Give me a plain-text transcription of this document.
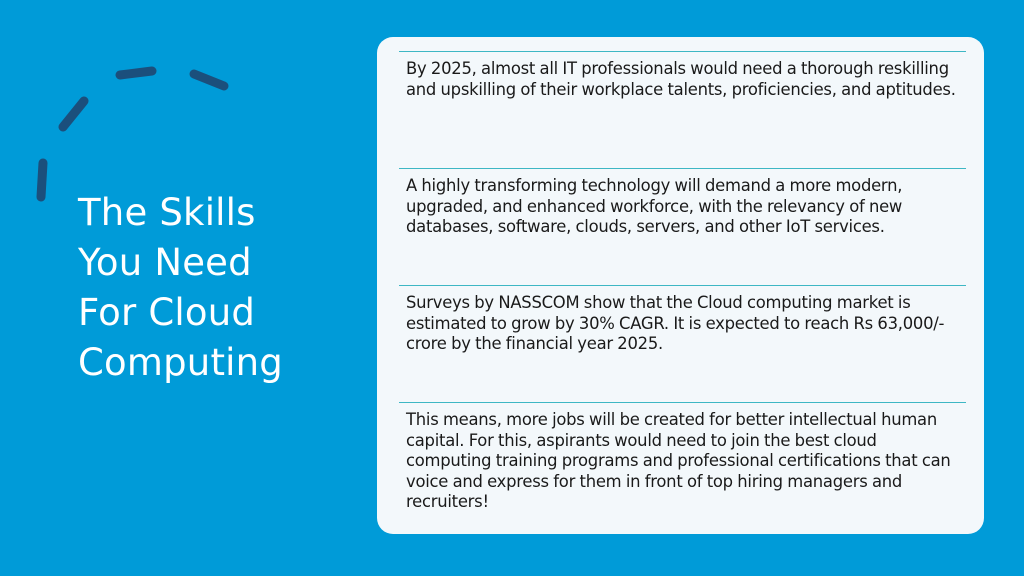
The Skills
You Need
For Cloud
Computing

By 2025, almost all IT professionals would need a thorough reskilling and upskilling of their workplace talents, proficiencies, and aptitudes.

A highly transforming technology will demand a more modern, upgraded, and enhanced workforce, with the relevancy of new databases, software, clouds, servers, and other IoT services.

Surveys by NASSCOM show that the Cloud computing market is estimated to grow by 30% CAGR. It is expected to reach Rs 63,000/- crore by the financial year 2025.

This means, more jobs will be created for better intellectual human capital. For this, aspirants would need to join the best cloud computing training programs and professional certifications that can voice and express for them in front of top hiring managers and recruiters!
